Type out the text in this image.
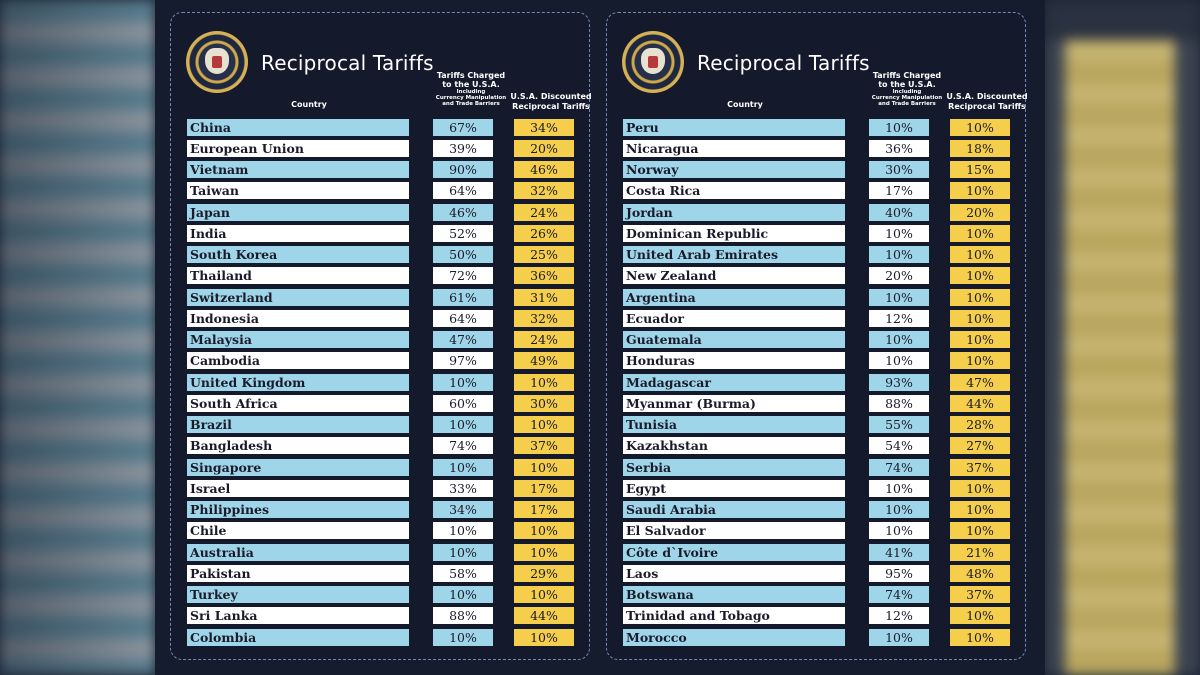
Reciprocal Tariffs
Country
Tariffs Charged
to the U.S.A.
Including
Currency Manipulation
and Trade Barriers
U.S.A. Discounted
Reciprocal Tariffs
China	67%	34%
European Union	39%	20%
Vietnam	90%	46%
Taiwan	64%	32%
Japan	46%	24%
India	52%	26%
South Korea	50%	25%
Thailand	72%	36%
Switzerland	61%	31%
Indonesia	64%	32%
Malaysia	47%	24%
Cambodia	97%	49%
United Kingdom	10%	10%
South Africa	60%	30%
Brazil	10%	10%
Bangladesh	74%	37%
Singapore	10%	10%
Israel	33%	17%
Philippines	34%	17%
Chile	10%	10%
Australia	10%	10%
Pakistan	58%	29%
Turkey	10%	10%
Sri Lanka	88%	44%
Colombia	10%	10%
Reciprocal Tariffs
Country
Tariffs Charged
to the U.S.A.
Including
Currency Manipulation
and Trade Barriers
U.S.A. Discounted
Reciprocal Tariffs
Peru	10%	10%
Nicaragua	36%	18%
Norway	30%	15%
Costa Rica	17%	10%
Jordan	40%	20%
Dominican Republic	10%	10%
United Arab Emirates	10%	10%
New Zealand	20%	10%
Argentina	10%	10%
Ecuador	12%	10%
Guatemala	10%	10%
Honduras	10%	10%
Madagascar	93%	47%
Myanmar (Burma)	88%	44%
Tunisia	55%	28%
Kazakhstan	54%	27%
Serbia	74%	37%
Egypt	10%	10%
Saudi Arabia	10%	10%
El Salvador	10%	10%
Côte d`Ivoire	41%	21%
Laos	95%	48%
Botswana	74%	37%
Trinidad and Tobago	12%	10%
Morocco	10%	10%
